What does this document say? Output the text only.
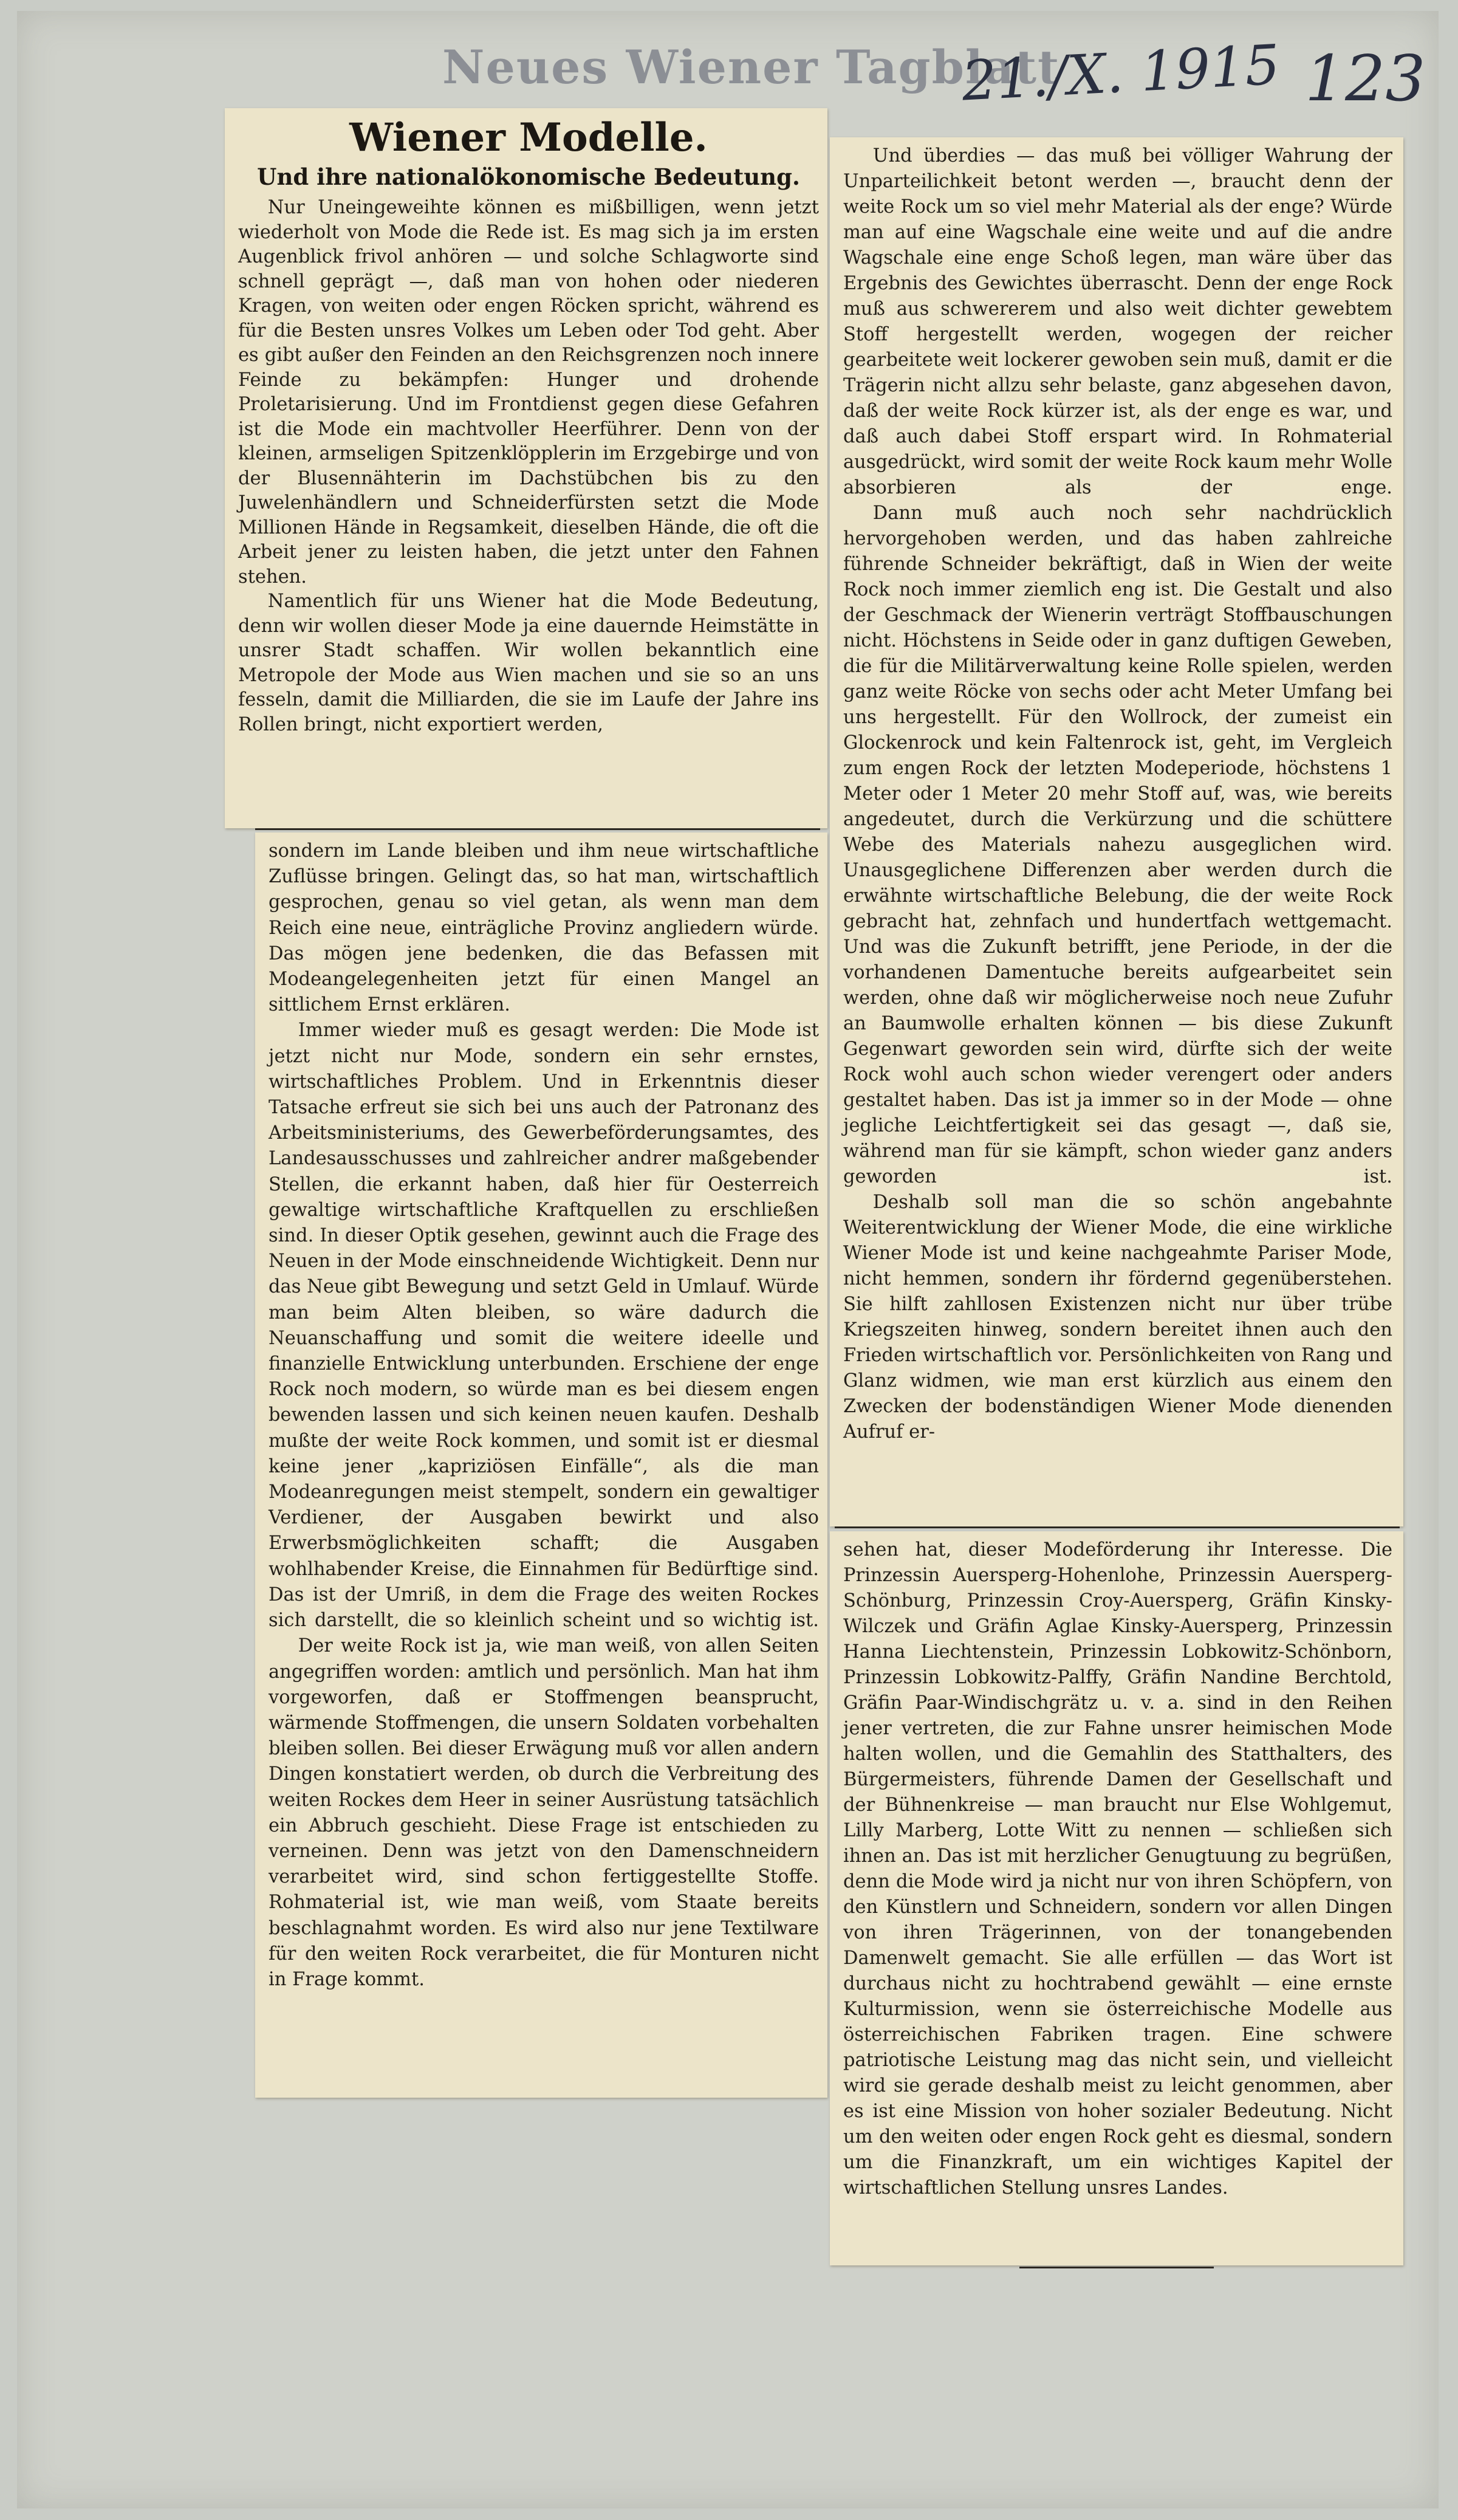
Neues Wiener Tagblatt
21./X. 1915 123
Wiener Modelle.
Und ihre nationalökonomische Bedeutung.

Nur Uneingeweihte können es mißbilligen, wenn jetzt wiederholt von Mode die Rede ist. Es mag sich ja im ersten Augenblick frivol anhören — und solche Schlagworte sind schnell geprägt —, daß man von hohen oder niederen Kragen, von weiten oder engen Röcken spricht, während es für die Besten unsres Volkes um Leben oder Tod geht. Aber es gibt außer den Feinden an den Reichsgrenzen noch innere Feinde zu bekämpfen: Hunger und drohende Proletarisierung. Und im Frontdienst gegen diese Gefahren ist die Mode ein machtvoller Heerführer. Denn von der kleinen, armseligen Spitzenklöpplerin im Erzgebirge und von der Blusennähterin im Dachstübchen bis zu den Juwelenhändlern und Schneiderfürsten setzt die Mode Millionen Hände in Regsamkeit, dieselben Hände, die oft die Arbeit jener zu leisten haben, die jetzt unter den Fahnen stehen.

Namentlich für uns Wiener hat die Mode Bedeutung, denn wir wollen dieser Mode ja eine dauernde Heimstätte in unsrer Stadt schaffen. Wir wollen bekanntlich eine Metropole der Mode aus Wien machen und sie so an uns fesseln, damit die Milliarden, die sie im Laufe der Jahre ins Rollen bringt, nicht exportiert werden,

sondern im Lande bleiben und ihm neue wirtschaftliche Zuflüsse bringen. Gelingt das, so hat man, wirtschaftlich gesprochen, genau so viel getan, als wenn man dem Reich eine neue, einträgliche Provinz angliedern würde. Das mögen jene bedenken, die das Befassen mit Modeangelegenheiten jetzt für einen Mangel an sittlichem Ernst erklären.

Immer wieder muß es gesagt werden: Die Mode ist jetzt nicht nur Mode, sondern ein sehr ernstes, wirtschaftliches Problem. Und in Erkenntnis dieser Tatsache erfreut sie sich bei uns auch der Patronanz des Arbeitsministeriums, des Gewerbeförderungsamtes, des Landesausschusses und zahlreicher andrer maßgebender Stellen, die erkannt haben, daß hier für Oesterreich gewaltige wirtschaftliche Kraftquellen zu erschließen sind. In dieser Optik gesehen, gewinnt auch die Frage des Neuen in der Mode einschneidende Wichtigkeit. Denn nur das Neue gibt Bewegung und setzt Geld in Umlauf. Würde man beim Alten bleiben, so wäre dadurch die Neuanschaffung und somit die weitere ideelle und finanzielle Entwicklung unterbunden. Erschiene der enge Rock noch modern, so würde man es bei diesem engen bewenden lassen und sich keinen neuen kaufen. Deshalb mußte der weite Rock kommen, und somit ist er diesmal keine jener „kapriziösen Einfälle“, als die man Modeanregungen meist stempelt, sondern ein gewaltiger Verdiener, der Ausgaben bewirkt und also Erwerbsmöglichkeiten schafft; die Ausgaben wohlhabender Kreise, die Einnahmen für Bedürftige sind. Das ist der Umriß, in dem die Frage des weiten Rockes sich darstellt, die so kleinlich scheint und so wichtig ist.

Der weite Rock ist ja, wie man weiß, von allen Seiten angegriffen worden: amtlich und persönlich. Man hat ihm vorgeworfen, daß er Stoffmengen beansprucht, wärmende Stoffmengen, die unsern Soldaten vorbehalten bleiben sollen. Bei dieser Erwägung muß vor allen andern Dingen konstatiert werden, ob durch die Verbreitung des weiten Rockes dem Heer in seiner Ausrüstung tatsächlich ein Abbruch geschieht. Diese Frage ist entschieden zu verneinen. Denn was jetzt von den Damenschneidern verarbeitet wird, sind schon fertiggestellte Stoffe. Rohmaterial ist, wie man weiß, vom Staate bereits beschlagnahmt worden. Es wird also nur jene Textilware für den weiten Rock verarbeitet, die für Monturen nicht in Frage kommt.

Und überdies — das muß bei völliger Wahrung der Unparteilichkeit betont werden —, braucht denn der weite Rock um so viel mehr Material als der enge? Würde man auf eine Wagschale eine weite und auf die andre Wagschale eine enge Schoß legen, man wäre über das Ergebnis des Gewichtes überrascht. Denn der enge Rock muß aus schwererem und also weit dichter gewebtem Stoff hergestellt werden, wogegen der reicher gearbeitete weit lockerer gewoben sein muß, damit er die Trägerin nicht allzu sehr belaste, ganz abgesehen davon, daß der weite Rock kürzer ist, als der enge es war, und daß auch dabei Stoff erspart wird. In Rohmaterial ausgedrückt, wird somit der weite Rock kaum mehr Wolle absorbieren als der enge.

Dann muß auch noch sehr nachdrücklich hervorgehoben werden, und das haben zahlreiche führende Schneider bekräftigt, daß in Wien der weite Rock noch immer ziemlich eng ist. Die Gestalt und also der Geschmack der Wienerin verträgt Stoffbauschungen nicht. Höchstens in Seide oder in ganz duftigen Geweben, die für die Militärverwaltung keine Rolle spielen, werden ganz weite Röcke von sechs oder acht Meter Umfang bei uns hergestellt. Für den Wollrock, der zumeist ein Glockenrock und kein Faltenrock ist, geht, im Vergleich zum engen Rock der letzten Modeperiode, höchstens 1 Meter oder 1 Meter 20 mehr Stoff auf, was, wie bereits angedeutet, durch die Verkürzung und die schüttere Webe des Materials nahezu ausgeglichen wird. Unausgeglichene Differenzen aber werden durch die erwähnte wirtschaftliche Belebung, die der weite Rock gebracht hat, zehnfach und hundertfach wettgemacht. Und was die Zukunft betrifft, jene Periode, in der die vorhandenen Damentuche bereits aufgearbeitet sein werden, ohne daß wir möglicherweise noch neue Zufuhr an Baumwolle erhalten können — bis diese Zukunft Gegenwart geworden sein wird, dürfte sich der weite Rock wohl auch schon wieder verengert oder anders gestaltet haben. Das ist ja immer so in der Mode — ohne jegliche Leichtfertigkeit sei das gesagt —, daß sie, während man für sie kämpft, schon wieder ganz anders geworden ist.

Deshalb soll man die so schön angebahnte Weiterentwicklung der Wiener Mode, die eine wirkliche Wiener Mode ist und keine nachgeahmte Pariser Mode, nicht hemmen, sondern ihr fördernd gegenüberstehen. Sie hilft zahllosen Existenzen nicht nur über trübe Kriegszeiten hinweg, sondern bereitet ihnen auch den Frieden wirtschaftlich vor. Persönlichkeiten von Rang und Glanz widmen, wie man erst kürzlich aus einem den Zwecken der bodenständigen Wiener Mode dienenden Aufruf er-

sehen hat, dieser Modeförderung ihr Interesse. Die Prinzessin Auersperg-Hohenlohe, Prinzessin Auersperg-Schönburg, Prinzessin Croy-Auersperg, Gräfin Kinsky-Wilczek und Gräfin Aglae Kinsky-Auersperg, Prinzessin Hanna Liechtenstein, Prinzessin Lobkowitz-Schönborn, Prinzessin Lobkowitz-Palffy, Gräfin Nandine Berchtold, Gräfin Paar-Windischgrätz u. v. a. sind in den Reihen jener vertreten, die zur Fahne unsrer heimischen Mode halten wollen, und die Gemahlin des Statthalters, des Bürgermeisters, führende Damen der Gesellschaft und der Bühnenkreise — man braucht nur Else Wohlgemut, Lilly Marberg, Lotte Witt zu nennen — schließen sich ihnen an. Das ist mit herzlicher Genugtuung zu begrüßen, denn die Mode wird ja nicht nur von ihren Schöpfern, von den Künstlern und Schneidern, sondern vor allen Dingen von ihren Trägerinnen, von der tonangebenden Damenwelt gemacht. Sie alle erfüllen — das Wort ist durchaus nicht zu hochtrabend gewählt — eine ernste Kulturmission, wenn sie österreichische Modelle aus österreichischen Fabriken tragen. Eine schwere patriotische Leistung mag das nicht sein, und vielleicht wird sie gerade deshalb meist zu leicht genommen, aber es ist eine Mission von hoher sozialer Bedeutung. Nicht um den weiten oder engen Rock geht es diesmal, sondern um die Finanzkraft, um ein wichtiges Kapitel der wirtschaftlichen Stellung unsres Landes.
